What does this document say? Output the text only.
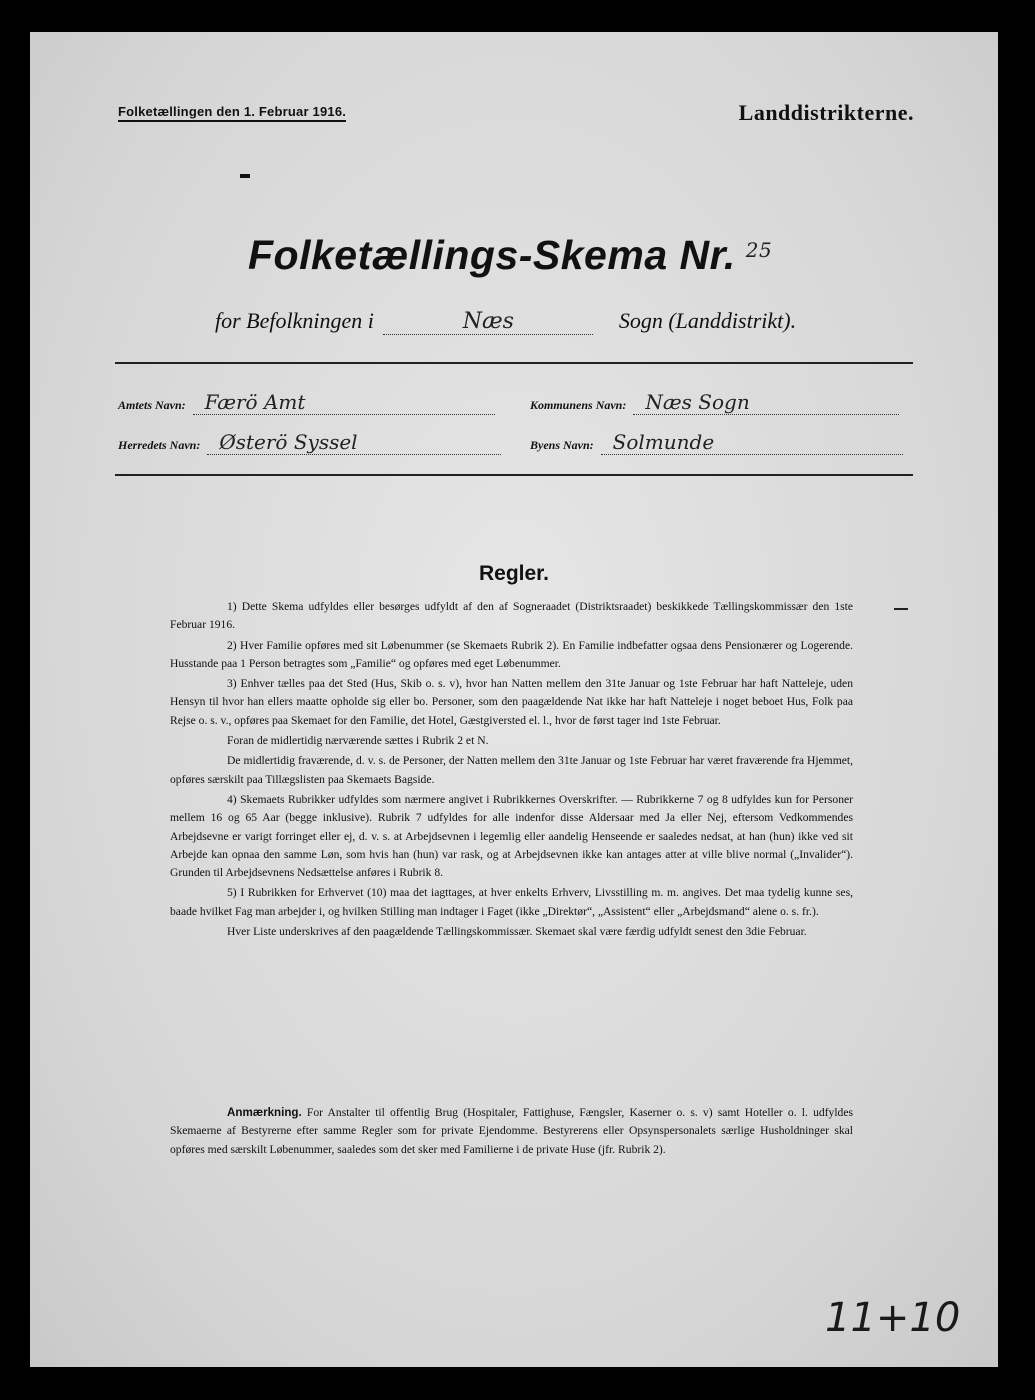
Folketællingen den 1. Februar 1916.	Landdistrikterne.
Folketællings-Skema Nr. $^{25}$
for Befolkningen i	Næs	Sogn (Landdistrikt).
Amtets Navn: Færö Amt	Kommunens Navn: Næs Sogn
Herredets Navn: Østerö Syssel	Byens Navn: Solmunde
Regler.

1) Dette Skema udfyldes eller besørges udfyldt af den af Sognerаadet (Distriktsraadet) beskikkede Tællingskommissær den 1ste Februar 1916.

2) Hver Familie opføres med sit Løbenummer (se Skemaets Rubrik 2). En Familie indbefatter ogsaa dens Pensionærer og Logerende. Husstande paa 1 Person betragtes som „Familie“ og opføres med eget Løbenummer.

3) Enhver tælles paa det Sted (Hus, Skib o. s. v), hvor han Natten mellem den 31te Januar og 1ste Februar har haft Natteleje, uden Hensyn til hvor han ellers maatte opholde sig eller bo. Personer, som den paagældende Nat ikke har haft Natteleje i noget beboet Hus, Folk paa Rejse o. s. v., opføres paa Skemaet for den Familie, det Hotel, Gæstgiversted el. l., hvor de først tager ind 1ste Februar.

Foran de midlertidig nærværende sættes i Rubrik 2 et N.

De midlertidig fraværende, d. v. s. de Personer, der Natten mellem den 31te Januar og 1ste Februar har været fraværende fra Hjemmet, opføres særskilt paa Tillægslisten paa Skemaets Bagside.

4) Skemaets Rubrikker udfyldes som nærmere angivet i Rubrikkernes Overskrifter. — Rubrikkerne 7 og 8 udfyldes kun for Personer mellem 16 og 65 Aar (begge inklusive). Rubrik 7 udfyldes for alle indenfor disse Aldersaar med Ja eller Nej, eftersom Vedkommendes Arbejdsevne er varigt forringet eller ej, d. v. s. at Arbejdsevnen i legemlig eller aandelig Henseende er saaledes nedsat, at han (hun) ikke ved sit Arbejde kan opnaa den samme Løn, som hvis han (hun) var rask, og at Arbejdsevnen ikke kan antages atter at ville blive normal („Invalider“). Grunden til Arbejdsevnens Nedsættelse anføres i Rubrik 8.

5) I Rubrikken for Erhvervet (10) maa det iagttages, at hver enkelts Erhverv, Livsstilling m. m. angives. Det maa tydelig kunne ses, baade hvilket Fag man arbejder i, og hvilken Stilling man indtager i Faget (ikke „Direktør“, „Assistent“ eller „Arbejdsmand“ alene o. s. fr.).

Hver Liste underskrives af den paagældende Tællingskommissær. Skemaet skal være færdig udfyldt senest den 3die Februar.

Anmærkning. For Anstalter til offentlig Brug (Hospitaler, Fattighuse, Fængsler, Kaserner o. s. v) samt Hoteller o. l. udfyldes Skemaerne af Bestyrerne efter samme Regler som for private Ejendomme. Bestyrerens eller Opsynspersonalets særlige Husholdninger skal opføres med særskilt Løbenummer, saaledes som det sker med Familierne i de private Huse (jfr. Rubrik 2).

11+10
